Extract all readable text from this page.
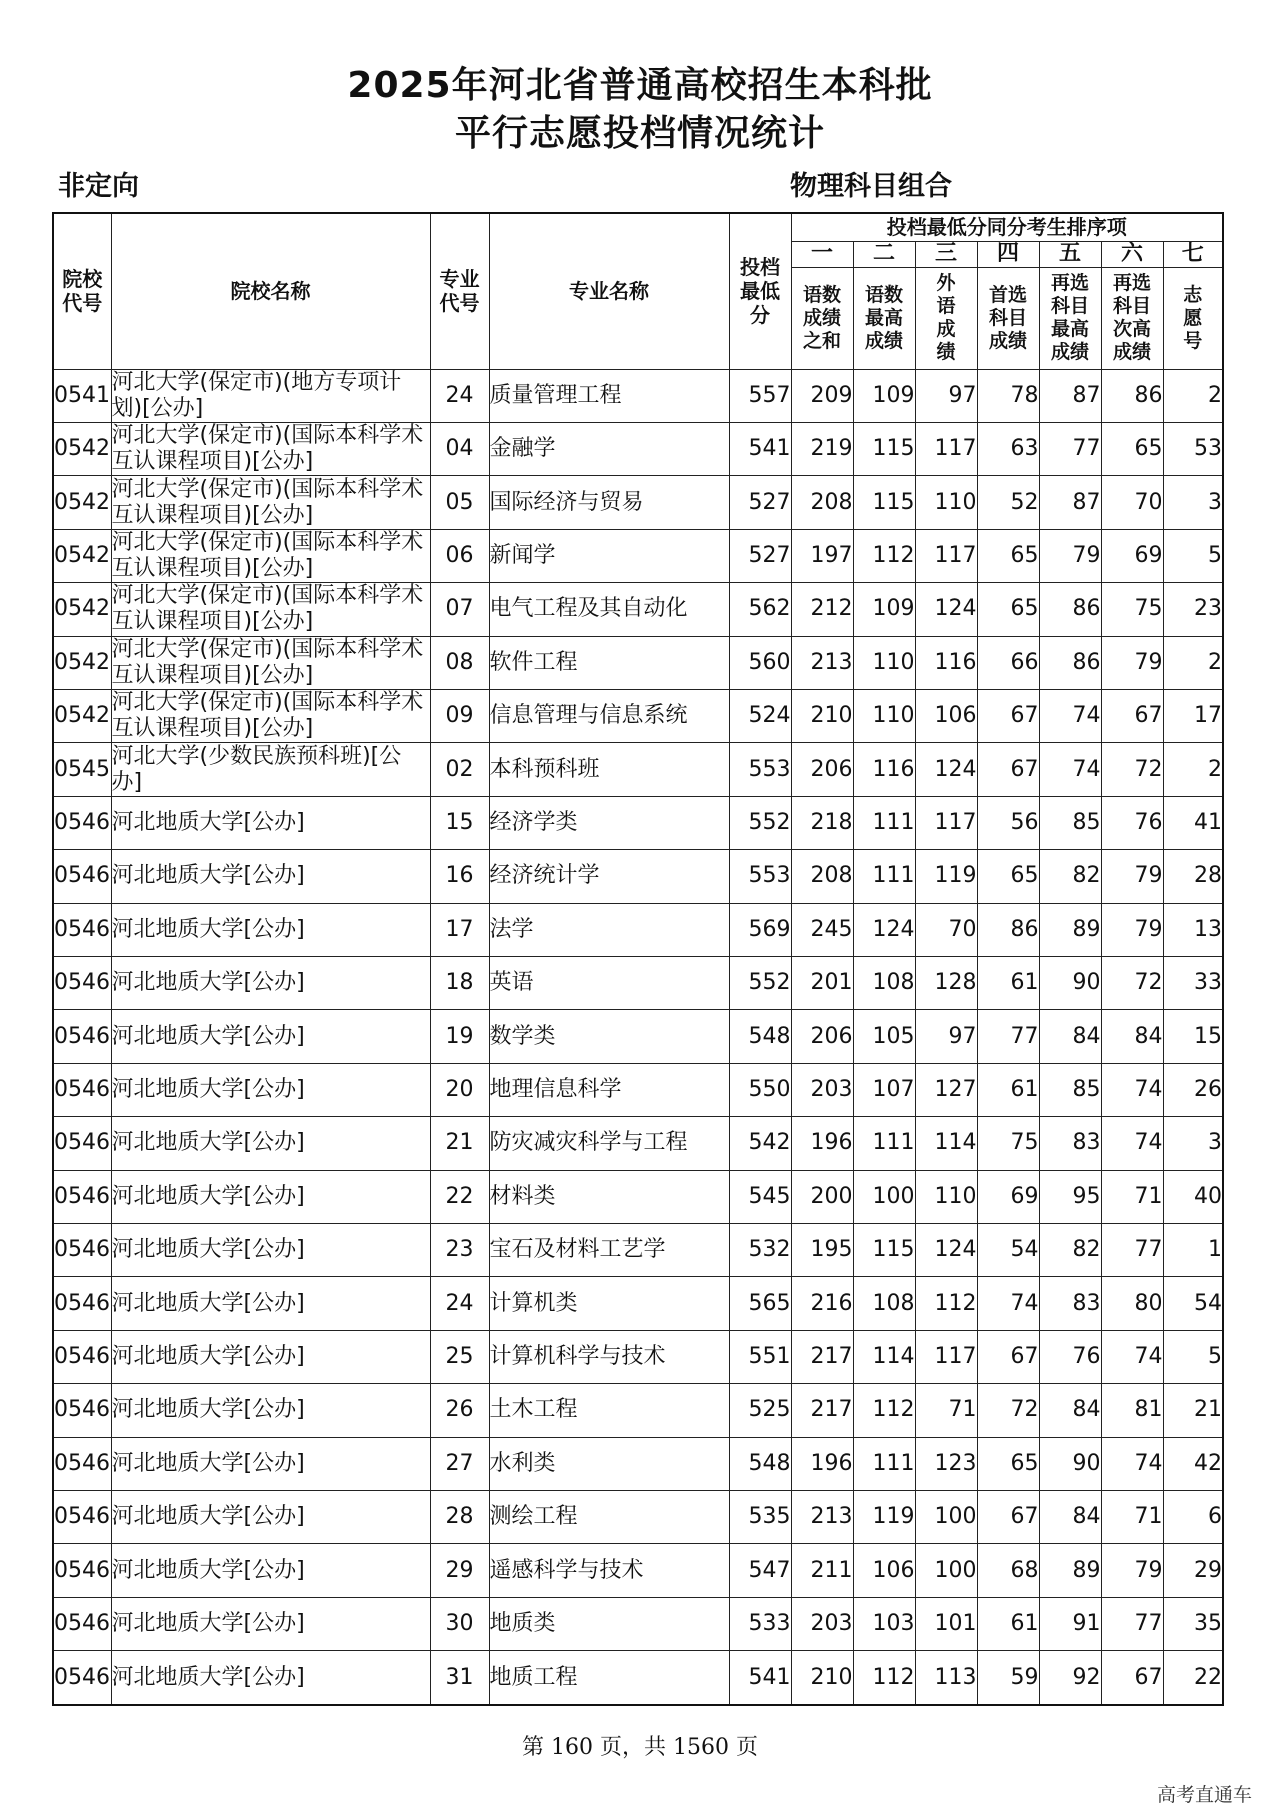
2025年河北省普通高校招生本科批
平行志愿投档情况统计
非定向	物理科目组合
院校代号	院校名称	专业代号	专业名称	投档最低分	投档最低分同分考生排序项						
					一	二	三	四	五	六	七
					语数成绩之和	语数最高成绩	外语成绩	首选科目成绩	再选科目最高成绩	再选科目次高成绩	志愿号
0541	河北大学(保定市)(地方专项计划)[公办]	24	质量管理工程	557	209	109	97	78	87	86	2
0542	河北大学(保定市)(国际本科学术互认课程项目)[公办]	04	金融学	541	219	115	117	63	77	65	53
0542	河北大学(保定市)(国际本科学术互认课程项目)[公办]	05	国际经济与贸易	527	208	115	110	52	87	70	3
0542	河北大学(保定市)(国际本科学术互认课程项目)[公办]	06	新闻学	527	197	112	117	65	79	69	5
0542	河北大学(保定市)(国际本科学术互认课程项目)[公办]	07	电气工程及其自动化	562	212	109	124	65	86	75	23
0542	河北大学(保定市)(国际本科学术互认课程项目)[公办]	08	软件工程	560	213	110	116	66	86	79	2
0542	河北大学(保定市)(国际本科学术互认课程项目)[公办]	09	信息管理与信息系统	524	210	110	106	67	74	67	17
0545	河北大学(少数民族预科班)[公办]	02	本科预科班	553	206	116	124	67	74	72	2
0546	河北地质大学[公办]	15	经济学类	552	218	111	117	56	85	76	41
0546	河北地质大学[公办]	16	经济统计学	553	208	111	119	65	82	79	28
0546	河北地质大学[公办]	17	法学	569	245	124	70	86	89	79	13
0546	河北地质大学[公办]	18	英语	552	201	108	128	61	90	72	33
0546	河北地质大学[公办]	19	数学类	548	206	105	97	77	84	84	15
0546	河北地质大学[公办]	20	地理信息科学	550	203	107	127	61	85	74	26
0546	河北地质大学[公办]	21	防灾减灾科学与工程	542	196	111	114	75	83	74	3
0546	河北地质大学[公办]	22	材料类	545	200	100	110	69	95	71	40
0546	河北地质大学[公办]	23	宝石及材料工艺学	532	195	115	124	54	82	77	1
0546	河北地质大学[公办]	24	计算机类	565	216	108	112	74	83	80	54
0546	河北地质大学[公办]	25	计算机科学与技术	551	217	114	117	67	76	74	5
0546	河北地质大学[公办]	26	土木工程	525	217	112	71	72	84	81	21
0546	河北地质大学[公办]	27	水利类	548	196	111	123	65	90	74	42
0546	河北地质大学[公办]	28	测绘工程	535	213	119	100	67	84	71	6
0546	河北地质大学[公办]	29	遥感科学与技术	547	211	106	100	68	89	79	29
0546	河北地质大学[公办]	30	地质类	533	203	103	101	61	91	77	35
0546	河北地质大学[公办]	31	地质工程	541	210	112	113	59	92	67	22
第 160 页，共 1560 页
高考直通车
